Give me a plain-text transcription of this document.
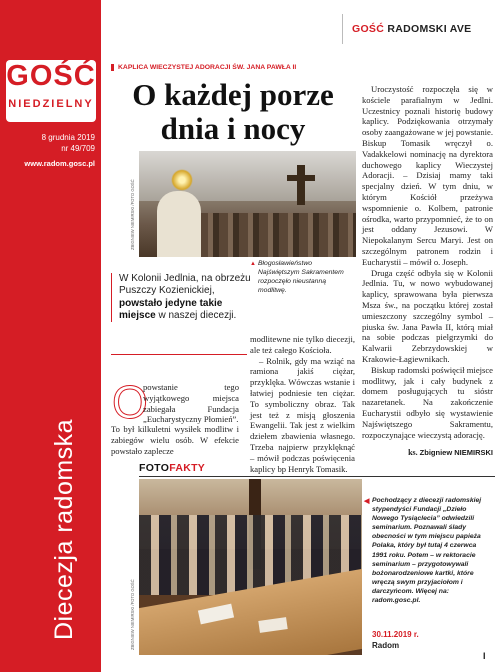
GOŚĆ
NIEDZIELNY
8 grudnia 2019
nr 49/709
www.radom.gosc.pl
Diecezja radomska
GOŚĆ RADOMSKI AVE
KAPLICA WIECZYSTEJ ADORACJI ŚW. JANA PAWŁA II
O każdej porze
dnia i nocy
ZBIGNIEW NIEMIRSKI /FOTO GOŚĆ
▲ Błogosławieństwo Najświętszym Sakramentem rozpoczęło nieustanną modlitwę.
W Kolonii Jedlnia, na obrzeżu Puszczy Kozienickiej, powstało jedyne takie miejsce w naszej diecezji.
O

powstanie tego wyjątkowego miejsca zabiegała Fundacja „Eucharystyczny Płomień”.

To był kilkuletni wysiłek modlitw i zabiegów wielu osób. W efekcie powstało zaplecze

modlitewne nie tylko diecezji, ale też całego Kościoła.

– Rolnik, gdy ma wziąć na ramiona jakiś ciężar, przyklęka. Wówczas wstanie i łatwiej podniesie ten ciężar. To symboliczny obraz. Tak jest też z misją głoszenia Ewangelii. Tak jest z wielkim dziełem zbawienia własnego. Trzeba najpierw przyklęknąć – mówił podczas poświęcenia kaplicy bp Henryk Tomasik.

Uroczystość rozpoczęła się w kościele parafialnym w Jedlni. Uczestnicy poznali historię budowy kaplicy. Podziękowania otrzymały osoby zaangażowane w jej powstanie. Biskup Tomasik wręczył o. Vadakkelowi nominację na dyrektora duchowego kaplicy Wieczystej Adoracji. – Dzisiaj mamy taki specjalny dzień. W tym dniu, w którym Kościół przeżywa wspomnienie o. Kolbem, patronie ośrodka, warto przypomnieć, że to on jest oddany Jezusowi. W Niepokalanym Sercu Maryi. Jest on szczególnym patronem rodzin i Eucharystii – mówił o. Joseph.

Druga część odbyła się w Kolonii Jedlnia. Tu, w nowo wybudowanej kaplicy, sprawowana była pierwsza Msza św., na początku której został umieszczony szczególny symbol – piuska św. Jana Pawła II, którą miał na sobie podczas pielgrzymki do Kalwarii Zebrzydowskiej w Krakowie-Łagiewnikach.

Biskup radomski poświęcił miejsce modlitwy, jak i cały budynek z domem posługujących tu sióstr nazaretanek. Na zakończenie Eucharystii odbyło się wystawienie Najświętszego Sakramentu, rozpoczynające wieczystą adorację.

ks. Zbigniew NIEMIRSKI
FOTOFAKTY
ZBIGNIEW NIEMIRSKI /FOTO GOŚĆ
◀ Pochodzący z diecezji radomskiej stypendyści Fundacji „Dzieło Nowego Tysiąclecia” odwiedzili seminarium. Poznawali ślady obecności w tym miejscu papieża Polaka, który był tutaj 4 czerwca 1991 roku. Potem – w rektoracie seminarium – przygotowywali bożonarodzeniowe kartki, które wręczą swym przyjaciołom i darczyńcom. Więcej na: radom.gosc.pl.
30.11.2019 r.
Radom
I
